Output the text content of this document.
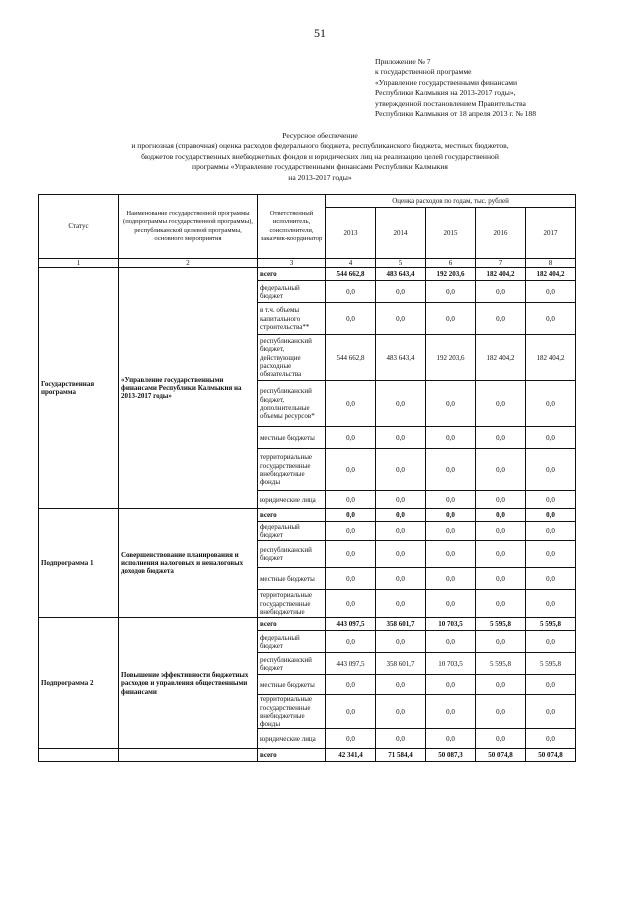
51
Приложение № 7
к государственной программе
«Управление государственными финансами
Республики Калмыкия на 2013-2017 годы»,
утвержденной постановлением Правительства
Республики Калмыкия от 18 апреля 2013 г. № 188
Ресурсное обеспечение
и прогнозная (справочная) оценка расходов федерального бюджета, республиканского бюджета, местных бюджетов,
бюджетов государственных внебюджетных фондов и юридических лиц на реализацию целей государственной
программы «Управление государственными финансами Республики Калмыкия
на 2013-2017 годы»
Статус	Наименование государственной программы (подпрограммы государственной программы), республиканской целевой программы, основного мероприятия	Ответственный исполнитель, соисполнители, заказчик-координатор	Оценка расходов по годам, тыс. рублей				
			2013	2014	2015	2016	2017
1	2	3	4	5	6	7	8
Государственная программа	«Управление государственными финансами Республики Калмыкия на 2013-2017 годы»	всего	544 662,8	483 643,4	192 203,6	182 404,2	182 404,2
		федеральный бюджет	0,0	0,0	0,0	0,0	0,0
		в т.ч. объемы капитального строительства**	0,0	0,0	0,0	0,0	0,0
		республиканский бюджет, действующие расходные обязательства	544 662,8	483 643,4	192 203,6	182 404,2	182 404,2
		республиканский бюджет, дополнительные объемы ресурсов*	0,0	0,0	0,0	0,0	0,0
		местные бюджеты	0,0	0,0	0,0	0,0	0,0
		территориальные государственные внебюджетные фонды	0,0	0,0	0,0	0,0	0,0
		юридические лица	0,0	0,0	0,0	0,0	0,0
Подпрограмма 1	Совершенствование планирования и исполнения налоговых и неналоговых доходов бюджета	всего	0,0	0,0	0,0	0,0	0,0
		федеральный бюджет	0,0	0,0	0,0	0,0	0,0
		республиканский бюджет	0,0	0,0	0,0	0,0	0,0
		местные бюджеты	0,0	0,0	0,0	0,0	0,0
		территориальные государственные внебюджетные	0,0	0,0	0,0	0,0	0,0
Подпрограмма 2	Повышение эффективности бюджетных расходов и управления общественными финансами	всего	443 097,5	358 601,7	10 703,5	5 595,8	5 595,8
		федеральный бюджет	0,0	0,0	0,0	0,0	0,0
		республиканский бюджет	443 097,5	358 601,7	10 703,5	5 595,8	5 595,8
		местные бюджеты	0,0	0,0	0,0	0,0	0,0
		территориальные государственные внебюджетные фонды	0,0	0,0	0,0	0,0	0,0
		юридические лица	0,0	0,0	0,0	0,0	0,0
		всего	42 341,4	71 584,4	50 087,3	50 074,8	50 074,8
